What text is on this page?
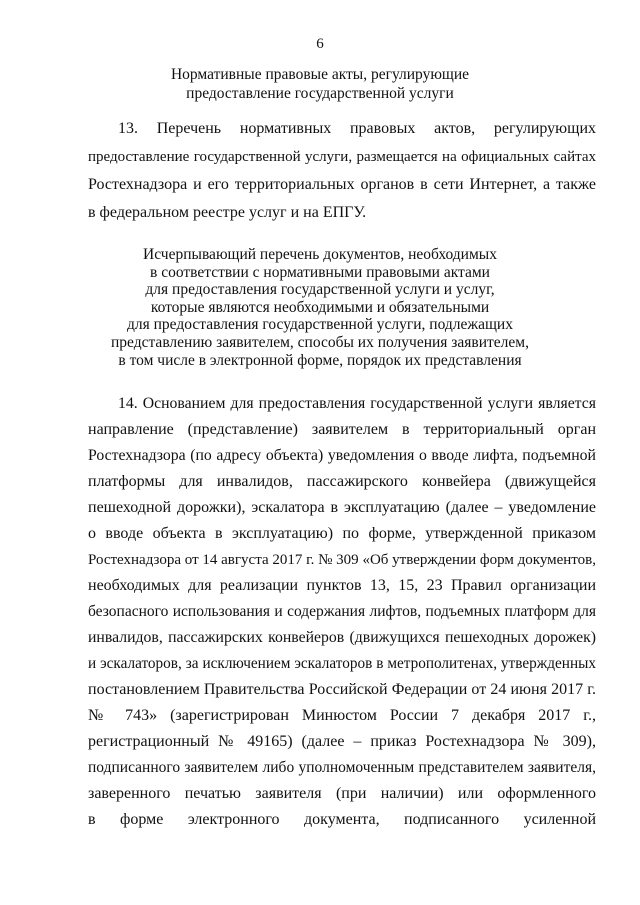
6
Нормативные правовые акты, регулирующие
предоставление государственной услуги
13. Перечень нормативных правовых актов, регулирующих
предоставление государственной услуги, размещается на официальных сайтах
Ростехнадзора и его территориальных органов в сети Интернет, а также
в федеральном реестре услуг и на ЕПГУ.
Исчерпывающий перечень документов, необходимых
в соответствии с нормативными правовыми актами
для предоставления государственной услуги и услуг,
которые являются необходимыми и обязательными
для предоставления государственной услуги, подлежащих
представлению заявителем, способы их получения заявителем,
в том числе в электронной форме, порядок их представления
14. Основанием для предоставления государственной услуги является
направление (представление) заявителем в территориальный орган
Ростехнадзора (по адресу объекта) уведомления о вводе лифта, подъемной
платформы для инвалидов, пассажирского конвейера (движущейся
пешеходной дорожки), эскалатора в эксплуатацию (далее – уведомление
о вводе объекта в эксплуатацию) по форме, утвержденной приказом
Ростехнадзора от 14 августа 2017 г. № 309 «Об утверждении форм документов,
необходимых для реализации пунктов 13, 15, 23 Правил организации
безопасного использования и содержания лифтов, подъемных платформ для
инвалидов, пассажирских конвейеров (движущихся пешеходных дорожек)
и эскалаторов, за исключением эскалаторов в метрополитенах, утвержденных
постановлением Правительства Российской Федерации от 24 июня 2017 г.
№ 743» (зарегистрирован Минюстом России 7 декабря 2017 г.,
регистрационный № 49165) (далее – приказ Ростехнадзора № 309),
подписанного заявителем либо уполномоченным представителем заявителя,
заверенного печатью заявителя (при наличии) или оформленного
в форме электронного документа, подписанного усиленной
